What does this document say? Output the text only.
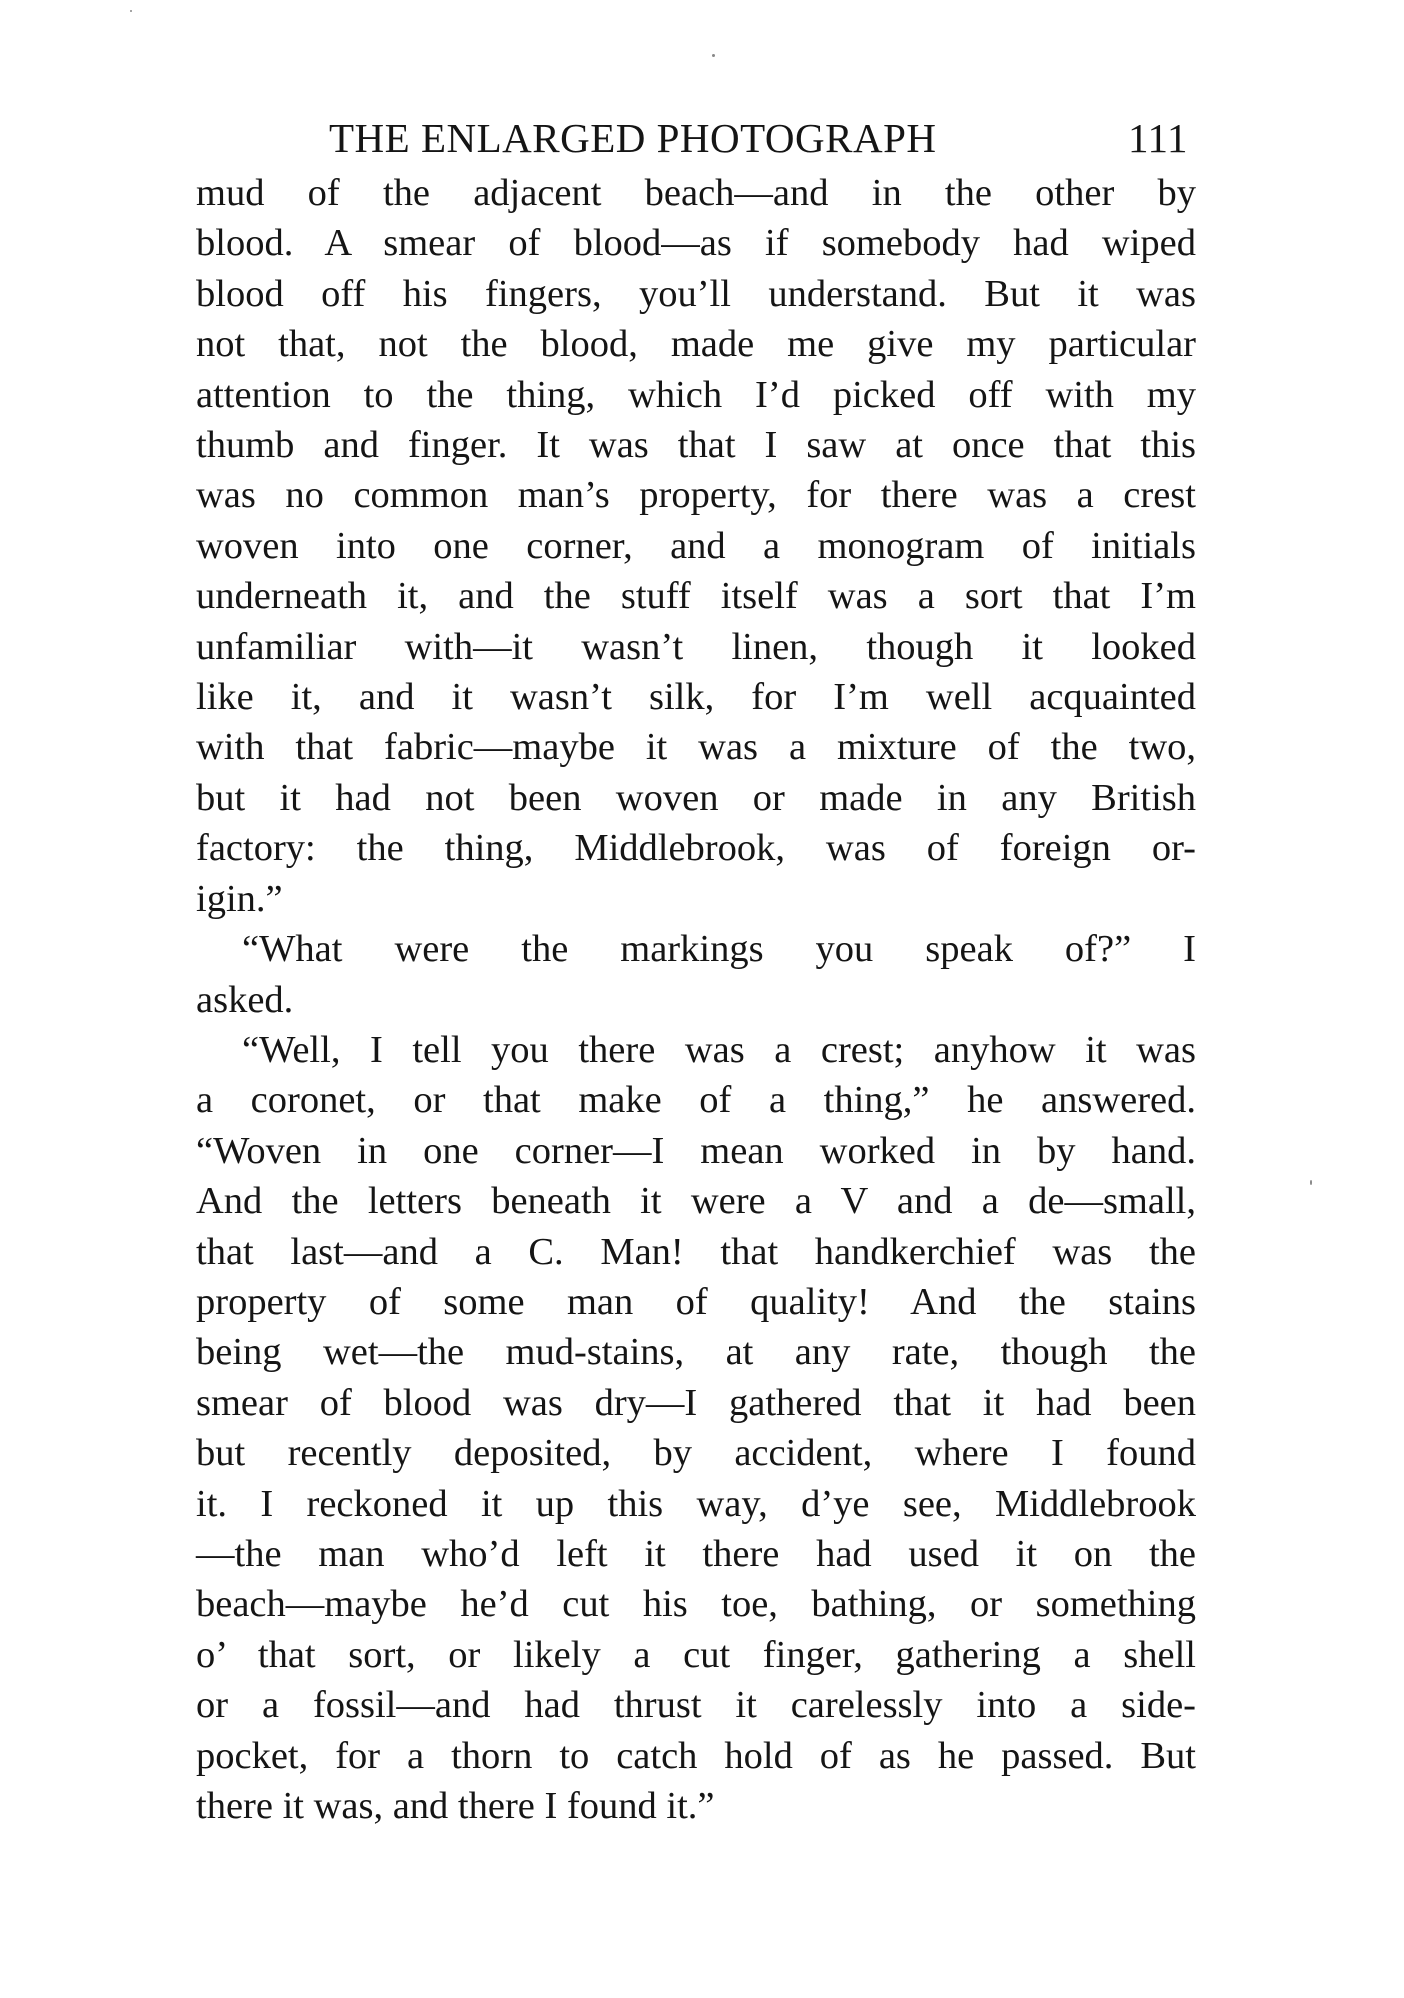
THE ENLARGED PHOTOGRAPH	111
mud of the adjacent beach—and in the other by
blood. A smear of blood—as if somebody had wiped
blood off his fingers, you’ll understand. But it was
not that, not the blood, made me give my particular
attention to the thing, which I’d picked off with my
thumb and finger. It was that I saw at once that this
was no common man’s property, for there was a crest
woven into one corner, and a monogram of initials
underneath it, and the stuff itself was a sort that I’m
unfamiliar with—it wasn’t linen, though it looked
like it, and it wasn’t silk, for I’m well acquainted
with that fabric—maybe it was a mixture of the two,
but it had not been woven or made in any British
factory: the thing, Middlebrook, was of foreign or-
igin.”
“What were the markings you speak of?” I
asked.
“Well, I tell you there was a crest; anyhow it was
a coronet, or that make of a thing,” he answered.
“Woven in one corner—I mean worked in by hand.
And the letters beneath it were a V and a de—small,
that last—and a C. Man! that handkerchief was the
property of some man of quality! And the stains
being wet—the mud-stains, at any rate, though the
smear of blood was dry—I gathered that it had been
but recently deposited, by accident, where I found
it. I reckoned it up this way, d’ye see, Middlebrook
—the man who’d left it there had used it on the
beach—maybe he’d cut his toe, bathing, or something
o’ that sort, or likely a cut finger, gathering a shell
or a fossil—and had thrust it carelessly into a side-
pocket, for a thorn to catch hold of as he passed. But
there it was, and there I found it.”
